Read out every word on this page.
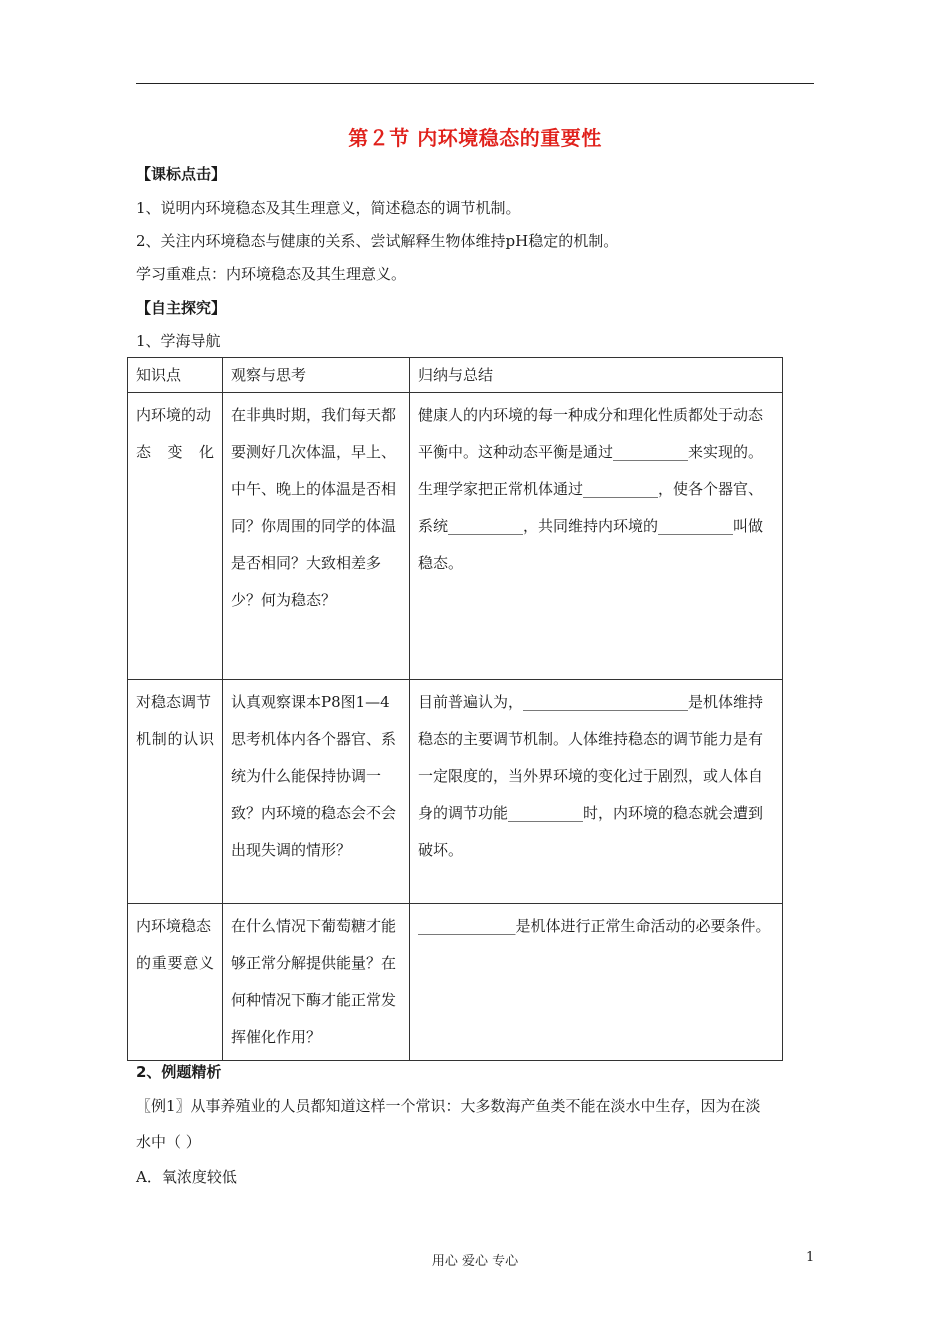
第２节 内环境稳态的重要性
【课标点击】
1、说明内环境稳态及其生理意义，简述稳态的调节机制。
2、关注内环境稳态与健康的关系、尝试解释生物体维持pH稳定的机制。
学习重难点：内环境稳态及其生理意义。
【自主探究】
1、学海导航
知识点	观察与思考	归纳与总结
内环境的动态变化	在非典时期，我们每天都要测好几次体温，早上、中午、晚上的体温是否相同？你周围的同学的体温是否相同？大致相差多少？何为稳态？	健康人的内环境的每一种成分和理化性质都处于动态平衡中。这种动态平衡是通过__________来实现的。生理学家把正常机体通过__________，使各个器官、系统__________，共同维持内环境的__________叫做稳态。
对稳态调节机制的认识	认真观察课本P8图1—4思考机体内各个器官、系统为什么能保持协调一致？内环境的稳态会不会出现失调的情形？	目前普遍认为，______________________是机体维持稳态的主要调节机制。人体维持稳态的调节能力是有一定限度的，当外界环境的变化过于剧烈，或人体自身的调节功能__________时，内环境的稳态就会遭到破坏。
内环境稳态的重要意义	在什么情况下葡萄糖才能够正常分解提供能量？在何种情况下酶才能正常发挥催化作用？	_____________是机体进行正常生命活动的必要条件。
2、例题精析
〖例1〗从事养殖业的人员都知道这样一个常识：大多数海产鱼类不能在淡水中生存，因为在淡
水中（ ）
A．氧浓度较低
用心 爱心 专心	1
